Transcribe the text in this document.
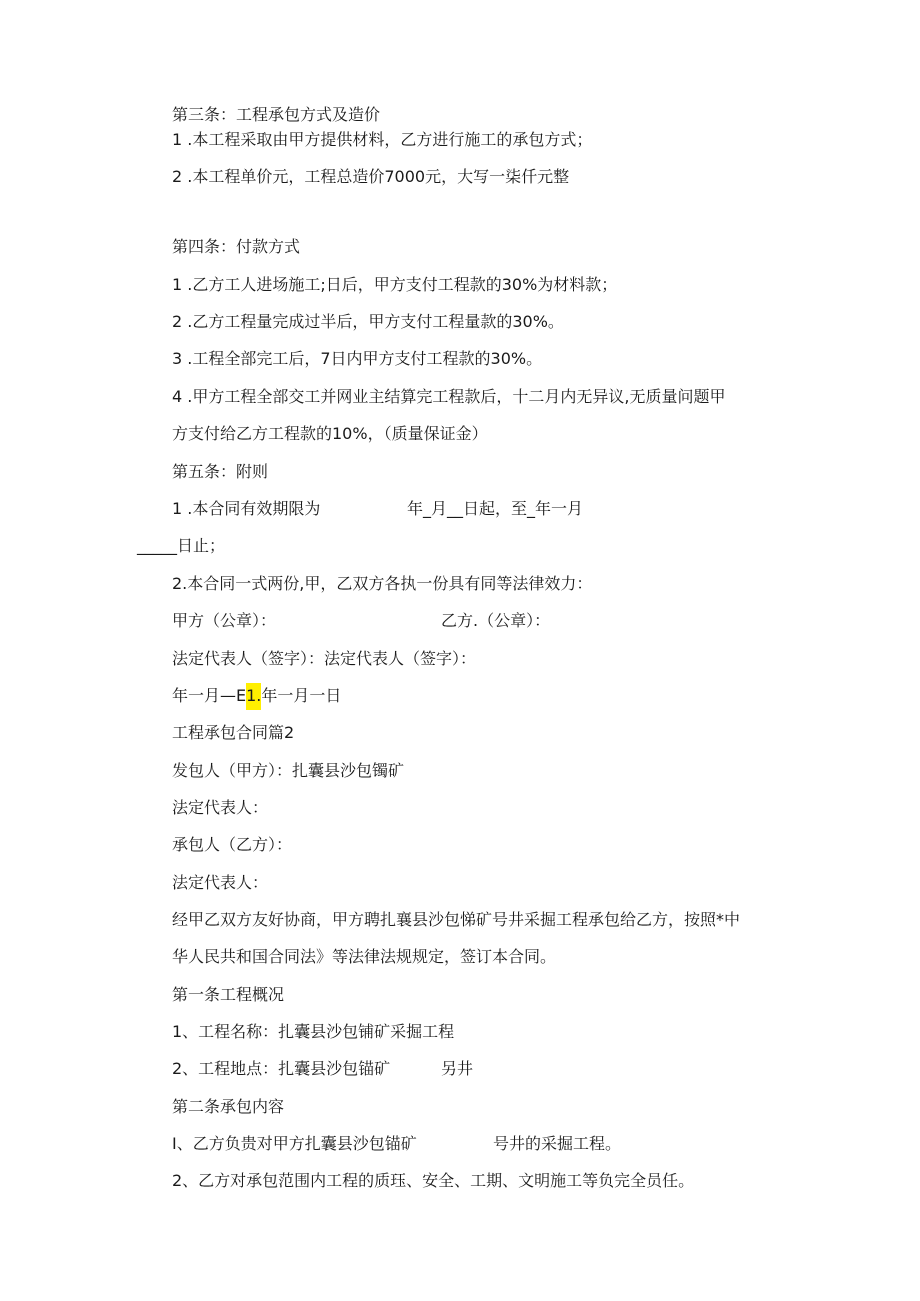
第三条：工程承包方式及造价
1 .本工程采取由甲方提供材料，乙方进行施工的承包方式；
2 .本工程单价元，工程总造价7000元，大写一柒仟元整
第四条：付款方式
1 .乙方工人进场施工;日后，甲方支付工程款的30%为材料款；
2 .乙方工程量完成过半后，甲方支付工程量款的30%。
3 .工程全部完工后，7日内甲方支付工程款的30%。
4 .甲方工程全部交工并网业主结算完工程款后，十二月内无异议,无质量问题甲
方支付给乙方工程款的10%，（质量保证金）
第五条：附则
1 .本合同有效期限为	年_月__日起，至_年一月
_____日止；
2.本合同一式两份,甲，乙双方各执一份具有同等法律效力：
甲方（公章）：	乙方.（公章）：
法定代表人（签字）：法定代表人（签字）：
年一月—E1.年一月一日
工程承包合同篇2
发包人（甲方）：扎囊县沙包镯矿
法定代表人：
承包人（乙方）：
法定代表人：
经甲乙双方友好协商，甲方聘扎襄县沙包悌矿号井采掘工程承包给乙方，按照*中
华人民共和国合同法》等法律法规规定，签订本合同。
第一条工程概况
1、工程名称：扎囊县沙包铺矿采掘工程
2、工程地点：扎囊县沙包锚矿	另井
第二条承包内容
I、乙方负贵对甲方扎囊县沙包锚矿	号井的采掘工程。
2、乙方对承包范围内工程的质珏、安全、工期、文明施工等负完全员任。
